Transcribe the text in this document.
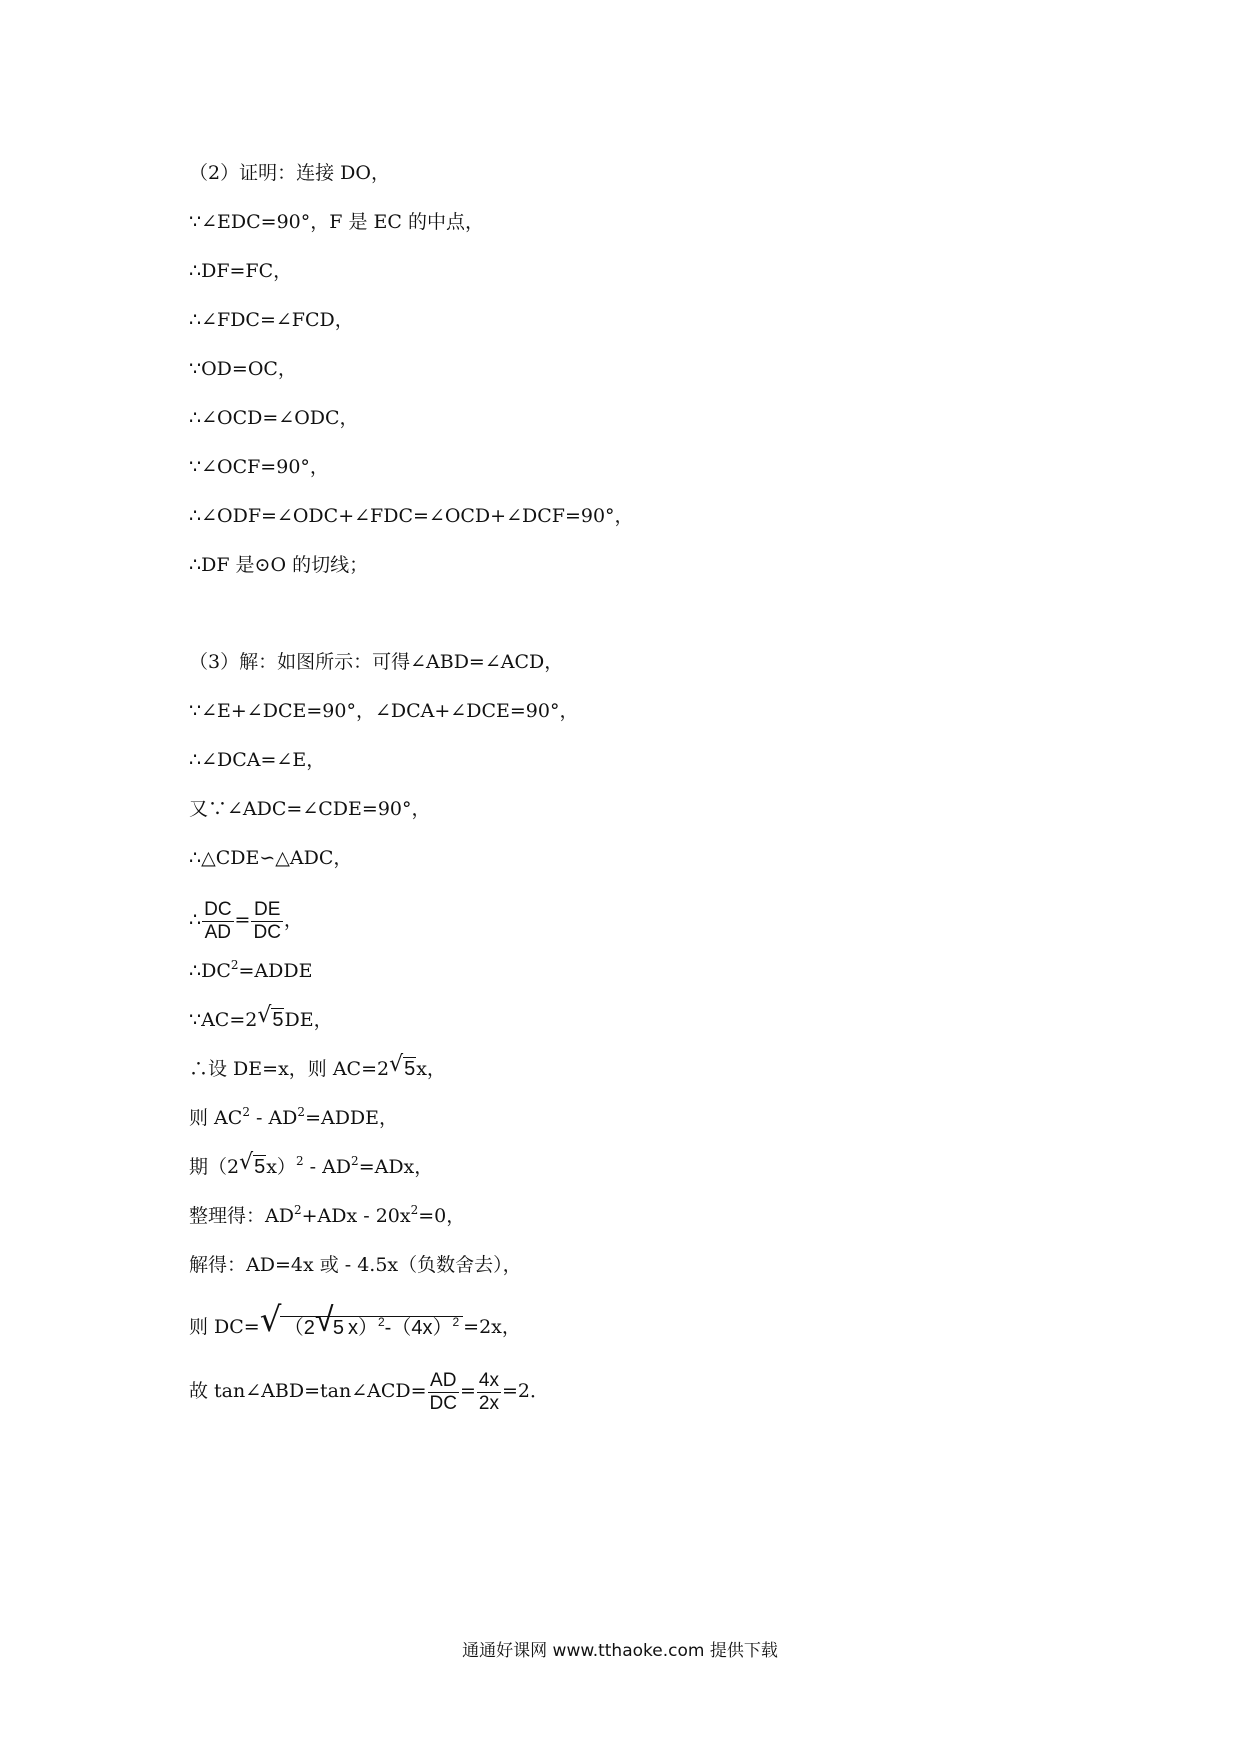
（2）证明：连接 DO，
∵∠EDC=90°，F 是 EC 的中点，
∴DF=FC，
∴∠FDC=∠FCD，
∵OD=OC，
∴∠OCD=∠ODC，
∵∠OCF=90°，
∴∠ODF=∠ODC+∠FDC=∠OCD+∠DCF=90°，
∴DF 是⊙O 的切线；
（3）解：如图所示：可得∠ABD=∠ACD，
∵∠E+∠DCE=90°，∠DCA+∠DCE=90°，
∴∠DCA=∠E，
又∵∠ADC=∠CDE=90°，
∴△CDE∽△ADC，
∴ $\frac{DC}{AD} = \frac{DE}{DC}$ ，
$\therefore DC^2=ADDE$
∵AC=2 √ 5DE，
∴设 DE=x，则 AC=2 √ 5x，
则 $AC^2$ - $AD^2=ADDE$，
期（2 √ $5x)^2 - AD^2=ADx$，
整理得：$AD^2+ADx - 20x^2=0$，
解得：AD=4x 或 - 4.5x（负数舍去），
则 DC= √ （2 √ 5 $x)^2-(4x)^2 =2x$，
故 tan∠ABD=tan∠ACD= $\frac{AD}{DC} = \frac{4x}{2x} =2$．
通通好课网 www.tthaoke.com 提供下载
